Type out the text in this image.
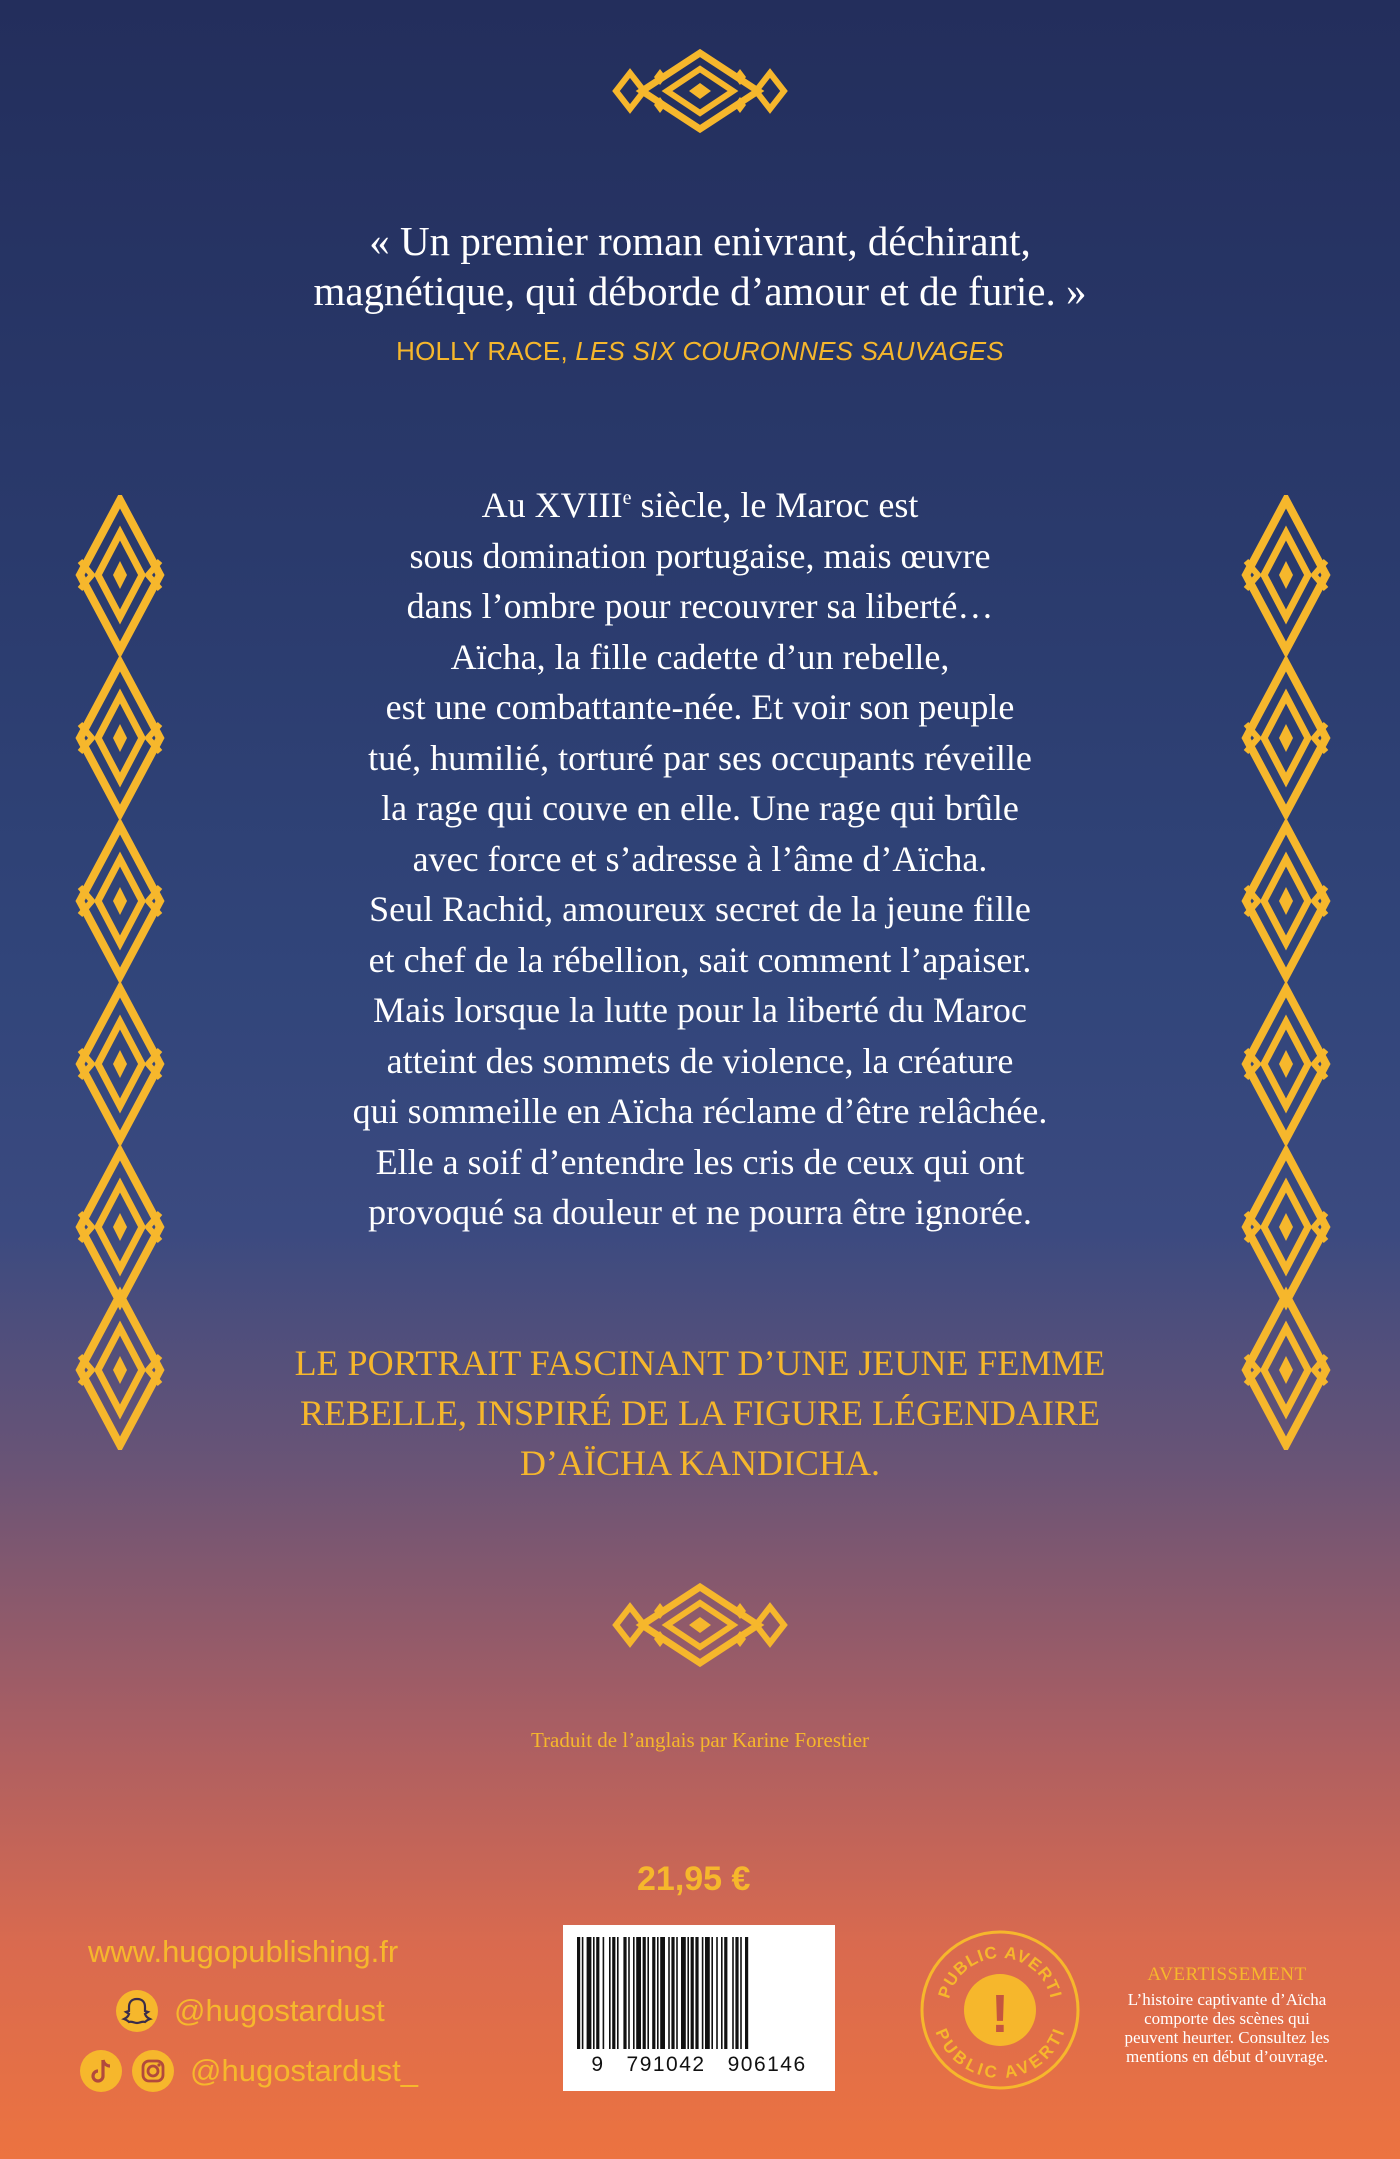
« Un premier roman enivrant, déchirant,
magnétique, qui déborde d’amour et de furie. »
HOLLY RACE, LES SIX COURONNES SAUVAGES
Au XVIIIe siècle, le Maroc est
sous domination portugaise, mais œuvre
dans l’ombre pour recouvrer sa liberté…
Aïcha, la fille cadette d’un rebelle,
est une combattante-née. Et voir son peuple
tué, humilié, torturé par ses occupants réveille
la rage qui couve en elle. Une rage qui brûle
avec force et s’adresse à l’âme d’Aïcha.
Seul Rachid, amoureux secret de la jeune fille
et chef de la rébellion, sait comment l’apaiser.
Mais lorsque la lutte pour la liberté du Maroc
atteint des sommets de violence, la créature
qui sommeille en Aïcha réclame d’être relâchée.
Elle a soif d’entendre les cris de ceux qui ont
provoqué sa douleur et ne pourra être ignorée.
LE PORTRAIT FASCINANT D’UNE JEUNE FEMME
REBELLE, INSPIRÉ DE LA FIGURE LÉGENDAIRE
D’AÏCHA KANDICHA.
Traduit de l’anglais par Karine Forestier
21,95 €
www.hugopublishing.fr
@hugostardust
@hugostardust_	9   791042   906146
!
PUBLIC AVERTI
PUBLIC AVERTI
AVERTISSEMENT
L’histoire captivante d’Aïcha
comporte des scènes qui
peuvent heurter. Consultez les
mentions en début d’ouvrage.
